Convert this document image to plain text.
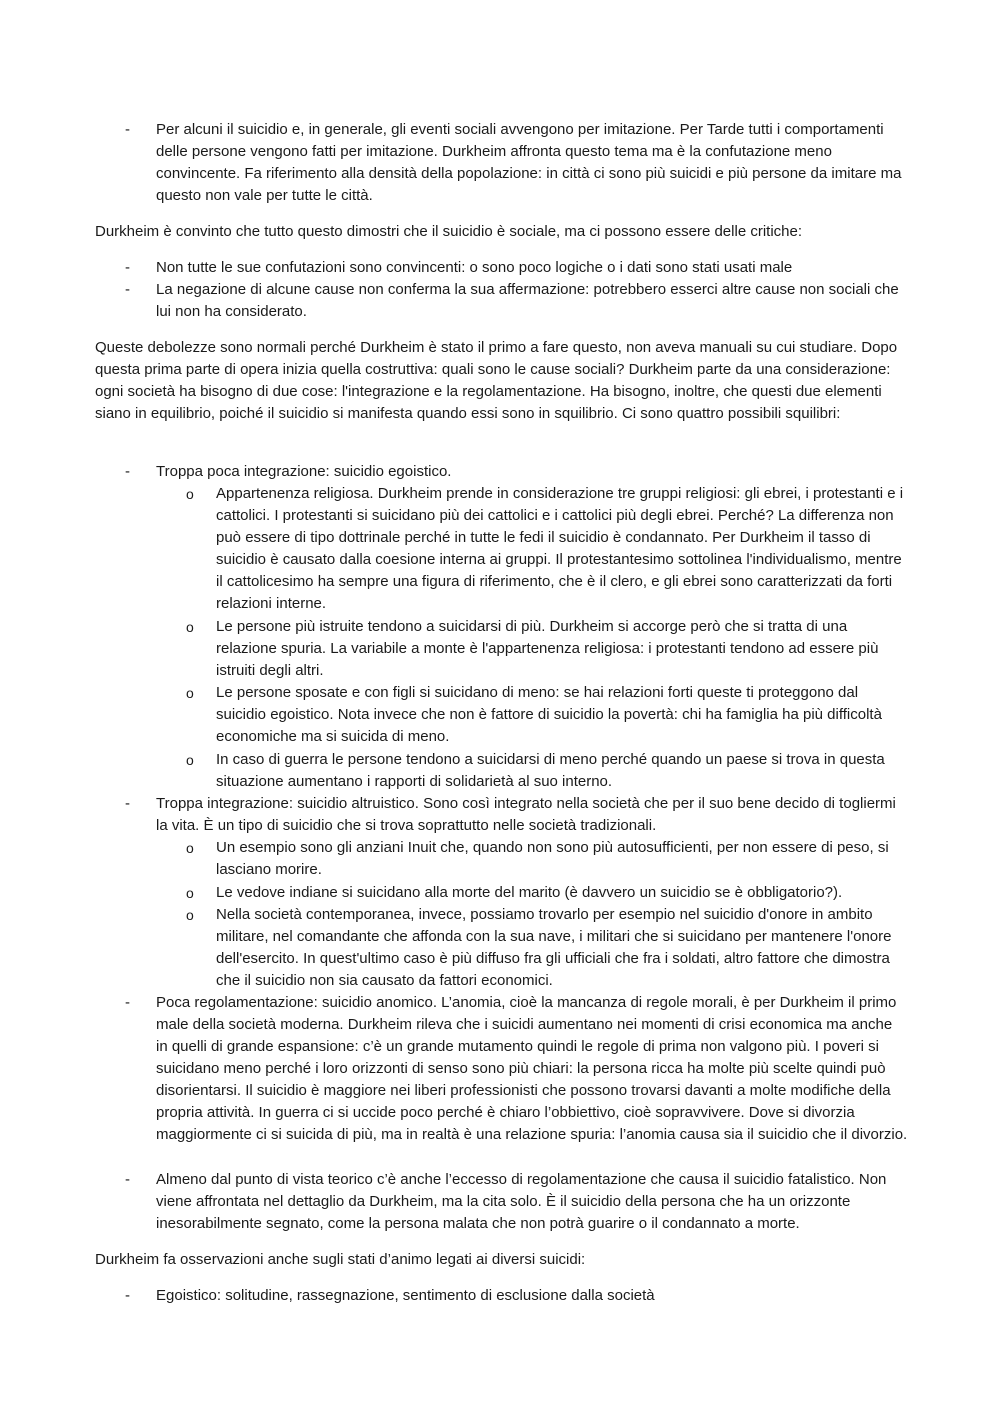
- Per alcuni il suicidio e, in generale, gli eventi sociali avvengono per imitazione. Per Tarde tutti i comportamenti delle persone vengono fatti per imitazione. Durkheim affronta questo tema ma è la confutazione meno convincente. Fa riferimento alla densità della popolazione: in città ci sono più suicidi e più persone da imitare ma questo non vale per tutte le città.

Durkheim è convinto che tutto questo dimostri che il suicidio è sociale, ma ci possono essere delle critiche:

- Non tutte le sue confutazioni sono convincenti: o sono poco logiche o i dati sono stati usati male

- La negazione di alcune cause non conferma la sua affermazione: potrebbero esserci altre cause non sociali che lui non ha considerato.

Queste debolezze sono normali perché Durkheim è stato il primo a fare questo, non aveva manuali su cui studiare. Dopo questa prima parte di opera inizia quella costruttiva: quali sono le cause sociali? Durkheim parte da una considerazione: ogni società ha bisogno di due cose: l'integrazione e la regolamentazione. Ha bisogno, inoltre, che questi due elementi siano in equilibrio, poiché il suicidio si manifesta quando essi sono in squilibrio. Ci sono quattro possibili squilibri:

- Troppa poca integrazione: suicidio egoistico.

o Appartenenza religiosa. Durkheim prende in considerazione tre gruppi religiosi: gli ebrei, i protestanti e i cattolici. I protestanti si suicidano più dei cattolici e i cattolici più degli ebrei. Perché? La differenza non può essere di tipo dottrinale perché in tutte le fedi il suicidio è condannato. Per Durkheim il tasso di suicidio è causato dalla coesione interna ai gruppi. Il protestantesimo sottolinea l'individualismo, mentre il cattolicesimo ha sempre una figura di riferimento, che è il clero, e gli ebrei sono caratterizzati da forti relazioni interne.

o Le persone più istruite tendono a suicidarsi di più. Durkheim si accorge però che si tratta di una relazione spuria. La variabile a monte è l'appartenenza religiosa: i protestanti tendono ad essere più istruiti degli altri.

o Le persone sposate e con figli si suicidano di meno: se hai relazioni forti queste ti proteggono dal suicidio egoistico. Nota invece che non è fattore di suicidio la povertà: chi ha famiglia ha più difficoltà economiche ma si suicida di meno.

o In caso di guerra le persone tendono a suicidarsi di meno perché quando un paese si trova in questa situazione aumentano i rapporti di solidarietà al suo interno.

- Troppa integrazione: suicidio altruistico. Sono così integrato nella società che per il suo bene decido di togliermi la vita. È un tipo di suicidio che si trova soprattutto nelle società tradizionali.

o Un esempio sono gli anziani Inuit che, quando non sono più autosufficienti, per non essere di peso, si lasciano morire.

o Le vedove indiane si suicidano alla morte del marito (è davvero un suicidio se è obbligatorio?).

o Nella società contemporanea, invece, possiamo trovarlo per esempio nel suicidio d'onore in ambito militare, nel comandante che affonda con la sua nave, i militari che si suicidano per mantenere l'onore dell'esercito. In quest'ultimo caso è più diffuso fra gli ufficiali che fra i soldati, altro fattore che dimostra che il suicidio non sia causato da fattori economici.

- Poca regolamentazione: suicidio anomico. L’anomia, cioè la mancanza di regole morali, è per Durkheim il primo male della società moderna. Durkheim rileva che i suicidi aumentano nei momenti di crisi economica ma anche in quelli di grande espansione: c’è un grande mutamento quindi le regole di prima non valgono più. I poveri si suicidano meno perché i loro orizzonti di senso sono più chiari: la persona ricca ha molte più scelte quindi può disorientarsi. Il suicidio è maggiore nei liberi professionisti che possono trovarsi davanti a molte modifiche della propria attività. In guerra ci si uccide poco perché è chiaro l’obbiettivo, cioè sopravvivere. Dove si divorzia maggiormente ci si suicida di più, ma in realtà è una relazione spuria: l’anomia causa sia il suicidio che il divorzio.

- Almeno dal punto di vista teorico c’è anche l’eccesso di regolamentazione che causa il suicidio fatalistico. Non viene affrontata nel dettaglio da Durkheim, ma la cita solo. È il suicidio della persona che ha un orizzonte inesorabilmente segnato, come la persona malata che non potrà guarire o il condannato a morte.

Durkheim fa osservazioni anche sugli stati d’animo legati ai diversi suicidi:

- Egoistico: solitudine, rassegnazione, sentimento di esclusione dalla società
